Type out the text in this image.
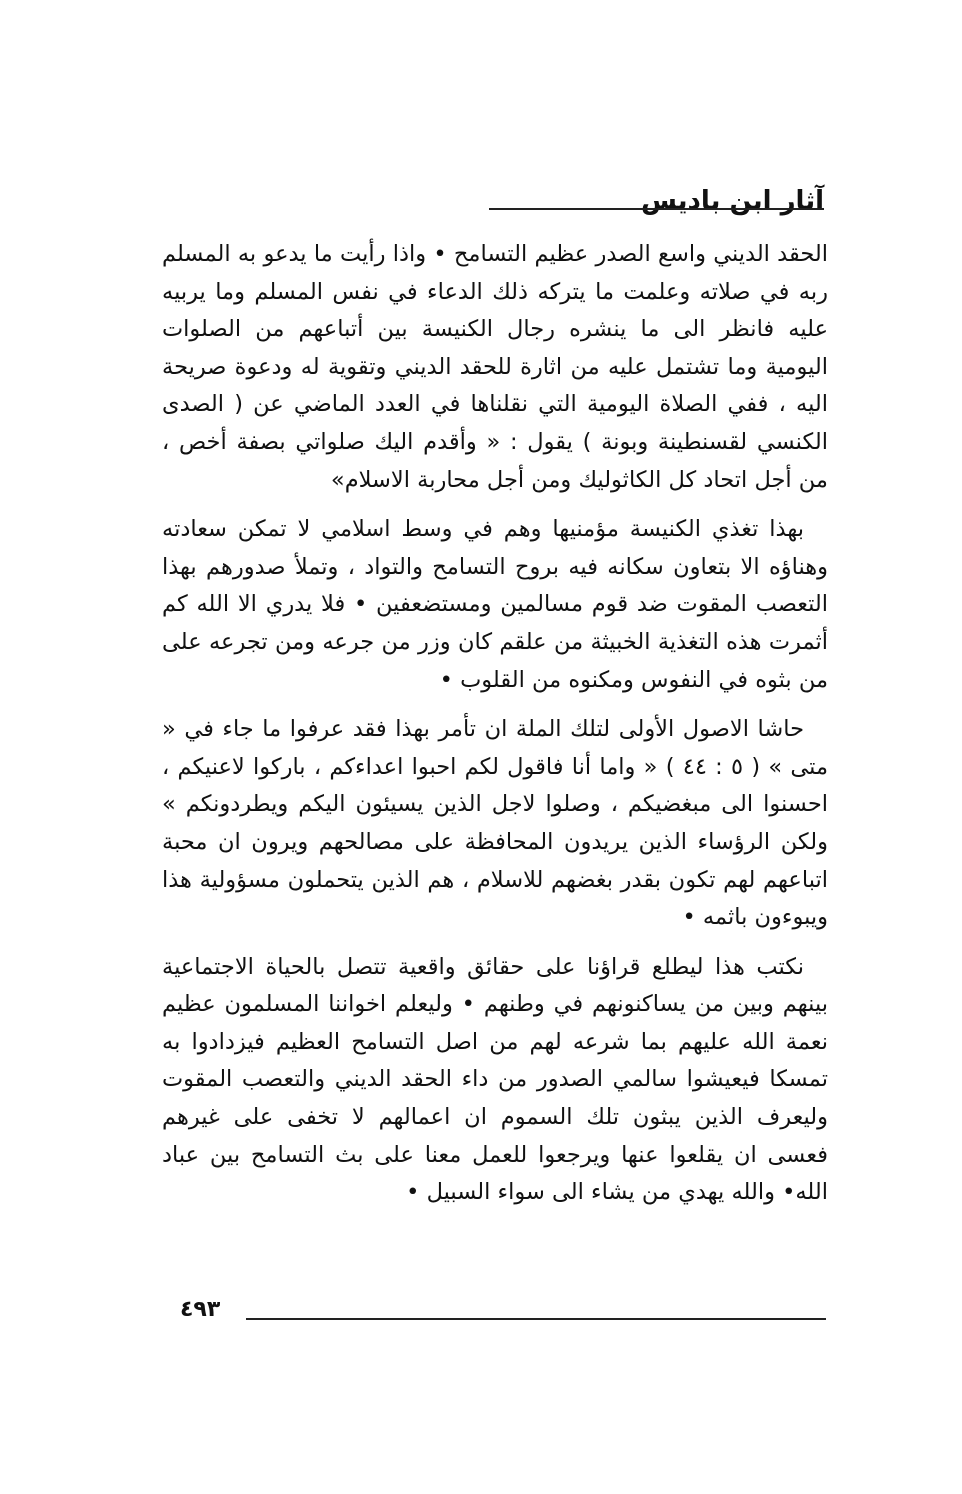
آثار ابن باديس

الحقد الديني واسع الصدر عظيم التسامح • واذا رأيت ما يدعو به المسلم ربه في صلاته وعلمت ما يتركه ذلك الدعاء في نفس المسلم وما يربيه عليه فانظر الى ما ينشره رجال الكنيسة بين أتباعهم من الصلوات اليومية وما تشتمل عليه من اثارة للحقد الديني وتقوية له ودعوة صريحة اليه ، ففي الصلاة اليومية التي نقلناها في العدد الماضي عن ( الصدى الكنسي لقسنطينة وبونة ) يقول : « وأقدم اليك صلواتي بصفة أخص ، من أجل اتحاد كل الكاثوليك ومن أجل محاربة الاسلام»

بهذا تغذي الكنيسة مؤمنيها وهم في وسط اسلامي لا تمكن سعادته وهناؤه الا بتعاون سكانه فيه بروح التسامح والتواد ، وتملأ صدورهم بهذا التعصب المقوت ضد قوم مسالمين ومستضعفين • فلا يدري الا الله كم أثمرت هذه التغذية الخبيثة من علقم كان وزر من جرعه ومن تجرعه على من بثوه في النفوس ومكنوه من القلوب •

حاشا الاصول الأولى لتلك الملة ان تأمر بهذا فقد عرفوا ما جاء في « متى » ( ٥ : ٤٤ ) « واما أنا فاقول لكم احبوا اعداءكم ، باركوا لاعنيكم ، احسنوا الى مبغضيكم ، وصلوا لاجل الذين يسيئون اليكم ويطردونكم » ولكن الرؤساء الذين يريدون المحافظة على مصالحهم ويرون ان محبة اتباعهم لهم تكون بقدر بغضهم للاسلام ، هم الذين يتحملون مسؤولية هذا ويبوءون باثمه •

نكتب هذا ليطلع قراؤنا على حقائق واقعية تتصل بالحياة الاجتماعية بينهم وبين من يساكنونهم في وطنهم • وليعلم اخواننا المسلمون عظيم نعمة الله عليهم بما شرعه لهم من اصل التسامح العظيم فيزدادوا به تمسكا فيعيشوا سالمي الصدور من داء الحقد الديني والتعصب المقوت وليعرف الذين يبثون تلك السموم ان اعمالهم لا تخفى على غيرهم فعسى ان يقلعوا عنها ويرجعوا للعمل معنا على بث التسامح بين عباد الله• والله يهدي من يشاء الى سواء السبيل •

٤٩٣
